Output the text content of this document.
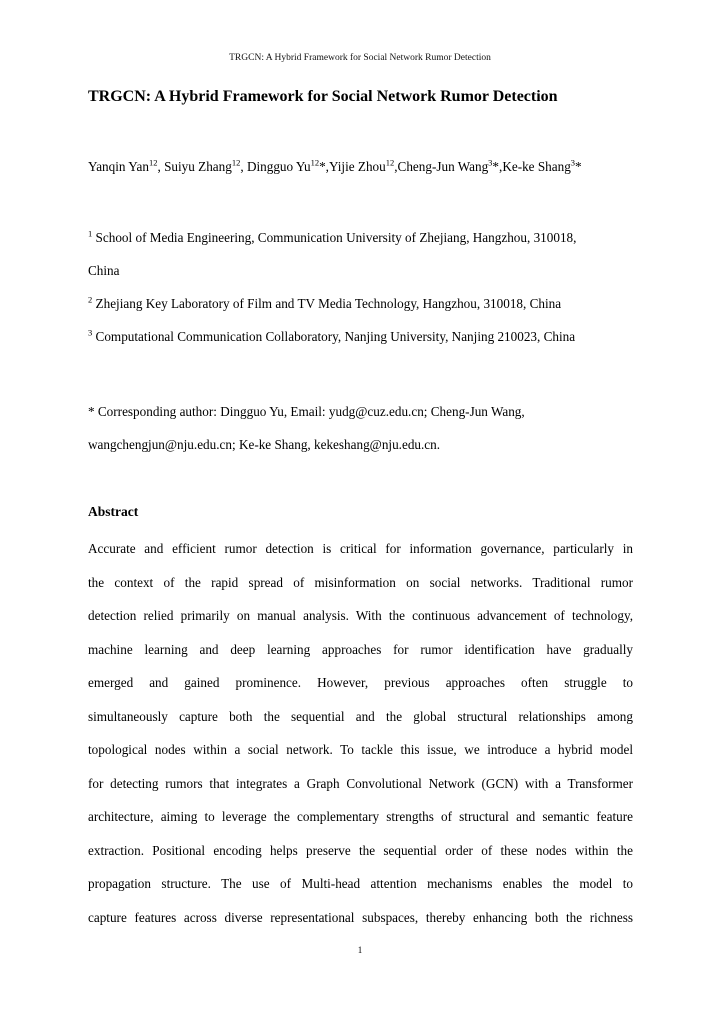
TRGCN: A Hybrid Framework for Social Network Rumor Detection
TRGCN: A Hybrid Framework for Social Network Rumor Detection
Yanqin Yan$^{12}$, Suiyu Zhang$^{12}$, Dingguo Yu$^{12}$*,Yijie Zhou$^{12}$,Cheng-Jun Wang$^3$*,Ke-ke Shang$^3$*
$^1$ School of Media Engineering, Communication University of Zhejiang, Hangzhou, 310018,
China
$^2$ Zhejiang Key Laboratory of Film and TV Media Technology, Hangzhou, 310018, China
$^3$ Computational Communication Collaboratory, Nanjing University, Nanjing 210023, China
* Corresponding author: Dingguo Yu, Email: yudg@cuz.edu.cn; Cheng-Jun Wang,
wangchengjun@nju.edu.cn; Ke-ke Shang, kekeshang@nju.edu.cn.
Abstract
Accurate and efficient rumor detection is critical for information governance, particularly in
the context of the rapid spread of misinformation on social networks. Traditional rumor
detection relied primarily on manual analysis. With the continuous advancement of technology,
machine learning and deep learning approaches for rumor identification have gradually
emerged and gained prominence. However, previous approaches often struggle to
simultaneously capture both the sequential and the global structural relationships among
topological nodes within a social network. To tackle this issue, we introduce a hybrid model
for detecting rumors that integrates a Graph Convolutional Network (GCN) with a Transformer
architecture, aiming to leverage the complementary strengths of structural and semantic feature
extraction. Positional encoding helps preserve the sequential order of these nodes within the
propagation structure. The use of Multi-head attention mechanisms enables the model to
capture features across diverse representational subspaces, thereby enhancing both the richness
1
